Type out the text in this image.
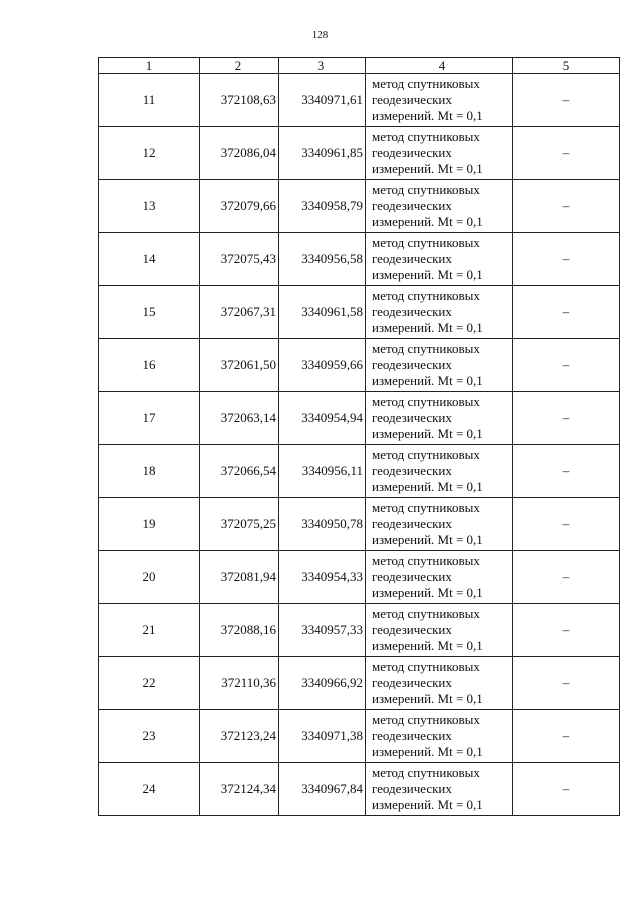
128
1	2	3	4	5
11	372108,63	3340971,61	метод спутниковых
геодезических
измерений. Mt = 0,1	–
12	372086,04	3340961,85	метод спутниковых
геодезических
измерений. Mt = 0,1	–
13	372079,66	3340958,79	метод спутниковых
геодезических
измерений. Mt = 0,1	–
14	372075,43	3340956,58	метод спутниковых
геодезических
измерений. Mt = 0,1	–
15	372067,31	3340961,58	метод спутниковых
геодезических
измерений. Mt = 0,1	–
16	372061,50	3340959,66	метод спутниковых
геодезических
измерений. Mt = 0,1	–
17	372063,14	3340954,94	метод спутниковых
геодезических
измерений. Mt = 0,1	–
18	372066,54	3340956,11	метод спутниковых
геодезических
измерений. Mt = 0,1	–
19	372075,25	3340950,78	метод спутниковых
геодезических
измерений. Mt = 0,1	–
20	372081,94	3340954,33	метод спутниковых
геодезических
измерений. Mt = 0,1	–
21	372088,16	3340957,33	метод спутниковых
геодезических
измерений. Mt = 0,1	–
22	372110,36	3340966,92	метод спутниковых
геодезических
измерений. Mt = 0,1	–
23	372123,24	3340971,38	метод спутниковых
геодезических
измерений. Mt = 0,1	–
24	372124,34	3340967,84	метод спутниковых
геодезических
измерений. Mt = 0,1	–
